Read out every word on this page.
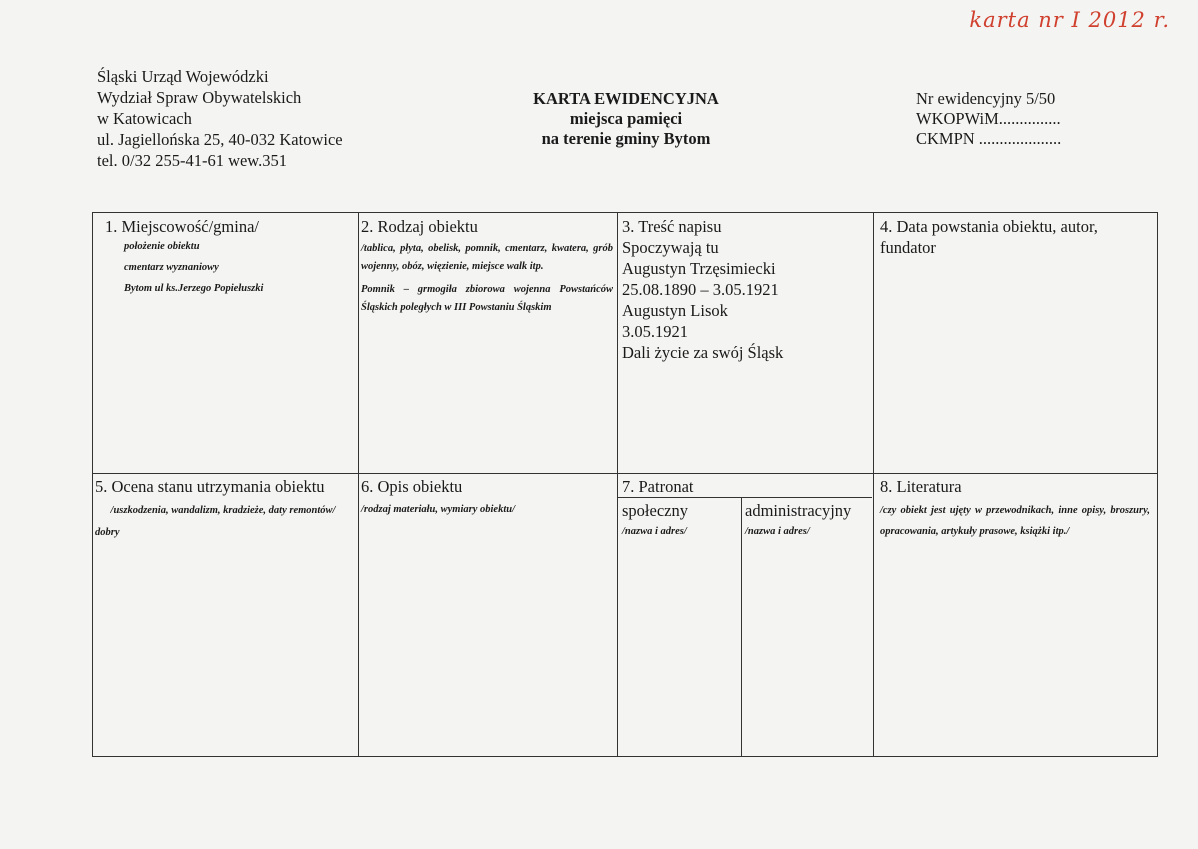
karta nr I 2012 r.
Śląski Urząd Wojewódzki
Wydział Spraw Obywatelskich
w Katowicach
ul. Jagiellońska 25, 40-032 Katowice
tel. 0/32 255-41-61 wew.351
KARTA EWIDENCYJNA
miejsca pamięci
na terenie gminy Bytom
Nr ewidencyjny 5/50
WKOPWiM...............
CKMPN ....................
1. Miejscowość/gmina/
położenie obiektu
cmentarz wyznaniowy
Bytom ul ks.Jerzego Popiełuszki
2. Rodzaj obiektu
/tablica, płyta, obelisk, pomnik, cmentarz, kwatera, grób wojenny, obóz, więzienie, miejsce walk itp.
Pomnik – grmogiła zbiorowa wojenna Powstańców Śląskich poległych w III Powstaniu Śląskim
3. Treść napisu
Spoczywają tu
Augustyn Trzęsimiecki
25.08.1890 – 3.05.1921
Augustyn Lisok
3.05.1921
Dali życie za swój Śląsk
4. Data powstania obiektu, autor,
fundator
5. Ocena stanu utrzymania obiektu
/uszkodzenia, wandalizm, kradzieże, daty remontów/
dobry
6. Opis obiektu
/rodzaj materiału, wymiary obiektu/
7. Patronat
społeczny
/nazwa i adres/
administracyjny
/nazwa i adres/
8. Literatura
/czy obiekt jest ujęty w przewodnikach, inne opisy, broszury, opracowania, artykuły prasowe, książki itp./
